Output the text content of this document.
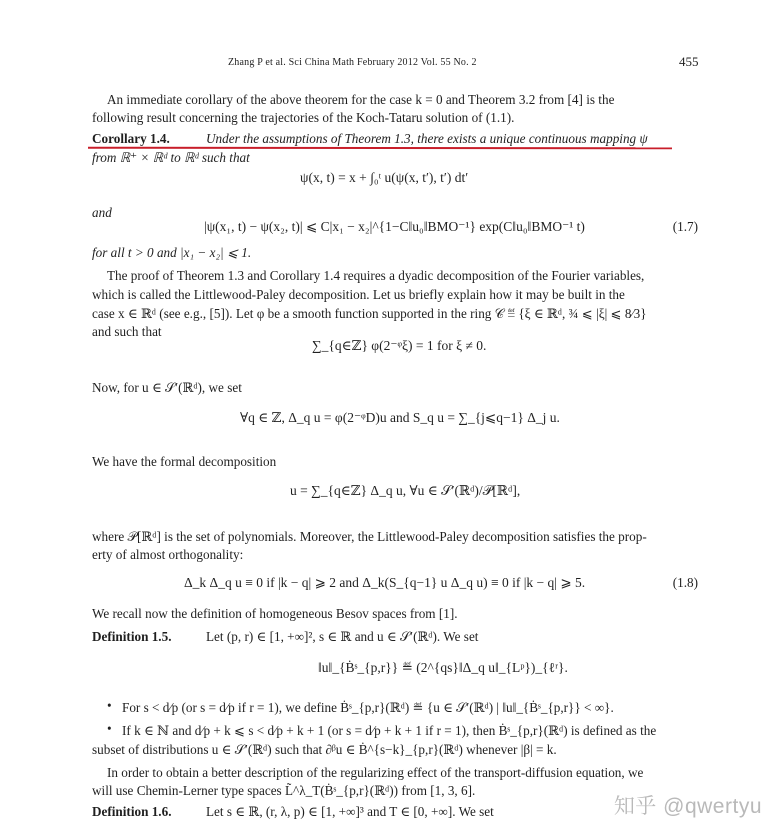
Zhang P et al. Sci China Math February 2012 Vol. 55 No. 2	455
An immediate corollary of the above theorem for the case k = 0 and Theorem 3.2 from [4] is the
following result concerning the trajectories of the Koch-Tataru solution of (1.1).
Corollary 1.4.	Under the assumptions of Theorem 1.3, there exists a unique continuous mapping ψ
from ℝ⁺ × ℝᵈ to ℝᵈ such that
ψ(x, t) = x + ∫₀ᵗ u(ψ(x, t′), t′) dt′
and
|ψ(x₁, t) − ψ(x₂, t)| ⩽ C|x₁ − x₂|^{1−C‖u₀‖BMO⁻¹} exp(C‖u₀‖BMO⁻¹ t)	(1.7)
for all t > 0 and |x₁ − x₂| ⩽ 1.
The proof of Theorem 1.3 and Corollary 1.4 requires a dyadic decomposition of the Fourier variables,
which is called the Littlewood-Paley decomposition. Let us briefly explain how it may be built in the
case x ∈ ℝᵈ (see e.g., [5]). Let φ be a smooth function supported in the ring 𝒞 ≝ {ξ ∈ ℝᵈ, ¾ ⩽ |ξ| ⩽ 8⁄3}
and such that
∑_{q∈ℤ} φ(2⁻ᵠξ) = 1 for ξ ≠ 0.
Now, for u ∈ 𝒮′(ℝᵈ), we set
∀q ∈ ℤ, Δ_q u = φ(2⁻ᵠD)u and S_q u = ∑_{j⩽q−1} Δ_j u.
We have the formal decomposition
u = ∑_{q∈ℤ} Δ_q u, ∀u ∈ 𝒮′(ℝᵈ)/𝒫[ℝᵈ],
where 𝒫[ℝᵈ] is the set of polynomials. Moreover, the Littlewood-Paley decomposition satisfies the prop-
erty of almost orthogonality:
Δ_k Δ_q u ≡ 0 if |k − q| ⩾ 2 and Δ_k(S_{q−1} u Δ_q u) ≡ 0 if |k − q| ⩾ 5.	(1.8)
We recall now the definition of homogeneous Besov spaces from [1].
Definition 1.5.	Let (p, r) ∈ [1, +∞]², s ∈ ℝ and u ∈ 𝒮′(ℝᵈ). We set
‖u‖_{Ḃˢ_{p,r}} ≝ (2^{qs}‖Δ_q u‖_{Lᵖ})_{ℓʳ}.
• For s < d⁄p (or s = d⁄p if r = 1), we define Ḃˢ_{p,r}(ℝᵈ) ≝ {u ∈ 𝒮′(ℝᵈ) | ‖u‖_{Ḃˢ_{p,r}} < ∞}.
• If k ∈ ℕ and d⁄p + k ⩽ s < d⁄p + k + 1 (or s = d⁄p + k + 1 if r = 1), then Ḃˢ_{p,r}(ℝᵈ) is defined as the
subset of distributions u ∈ 𝒮′(ℝᵈ) such that ∂ᵝu ∈ Ḃ^{s−k}_{p,r}(ℝᵈ) whenever |β| = k.
In order to obtain a better description of the regularizing effect of the transport-diffusion equation, we
will use Chemin-Lerner type spaces L̃^λ_T(Ḃˢ_{p,r}(ℝᵈ)) from [1, 3, 6].
Definition 1.6.	Let s ∈ ℝ, (r, λ, p) ∈ [1, +∞]³ and T ∈ [0, +∞]. We set	知乎 @qwertyu
